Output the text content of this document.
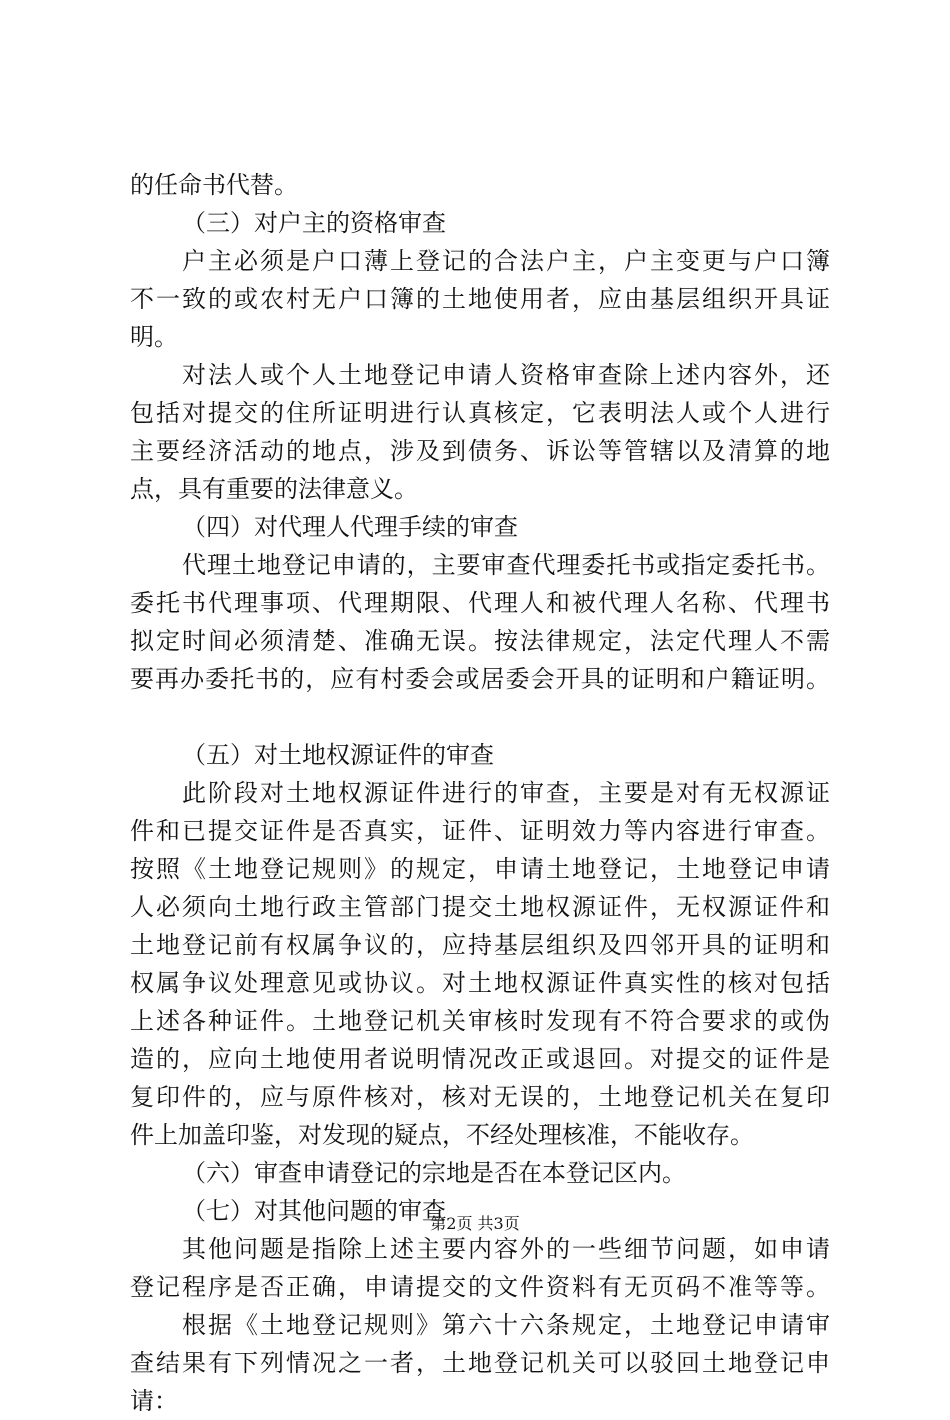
的任命书代替。
（三）对户主的资格审查
户主必须是户口薄上登记的合法户主，户主变更与户口簿
不一致的或农村无户口簿的土地使用者，应由基层组织开具证
明。
对法人或个人土地登记申请人资格审查除上述内容外，还
包括对提交的住所证明进行认真核定，它表明法人或个人进行
主要经济活动的地点，涉及到债务、诉讼等管辖以及清算的地
点，具有重要的法律意义。
（四）对代理人代理手续的审查
代理土地登记申请的，主要审查代理委托书或指定委托书。
委托书代理事项、代理期限、代理人和被代理人名称、代理书
拟定时间必须清楚、准确无误。按法律规定，法定代理人不需
要再办委托书的，应有村委会或居委会开具的证明和户籍证明。
（五）对土地权源证件的审查
此阶段对土地权源证件进行的审查，主要是对有无权源证
件和已提交证件是否真实，证件、证明效力等内容进行审查。
按照《土地登记规则》的规定，申请土地登记，土地登记申请
人必须向土地行政主管部门提交土地权源证件，无权源证件和
土地登记前有权属争议的，应持基层组织及四邻开具的证明和
权属争议处理意见或协议。对土地权源证件真实性的核对包括
上述各种证件。土地登记机关审核时发现有不符合要求的或伪
造的，应向土地使用者说明情况改正或退回。对提交的证件是
复印件的，应与原件核对，核对无误的，土地登记机关在复印
件上加盖印鉴，对发现的疑点，不经处理核准，不能收存。
（六）审查申请登记的宗地是否在本登记区内。
（七）对其他问题的审查
其他问题是指除上述主要内容外的一些细节问题，如申请
登记程序是否正确，申请提交的文件资料有无页码不准等等。
根据《土地登记规则》第六十六条规定，土地登记申请审
查结果有下列情况之一者，土地登记机关可以驳回土地登记申
请：
第2页 共3页
